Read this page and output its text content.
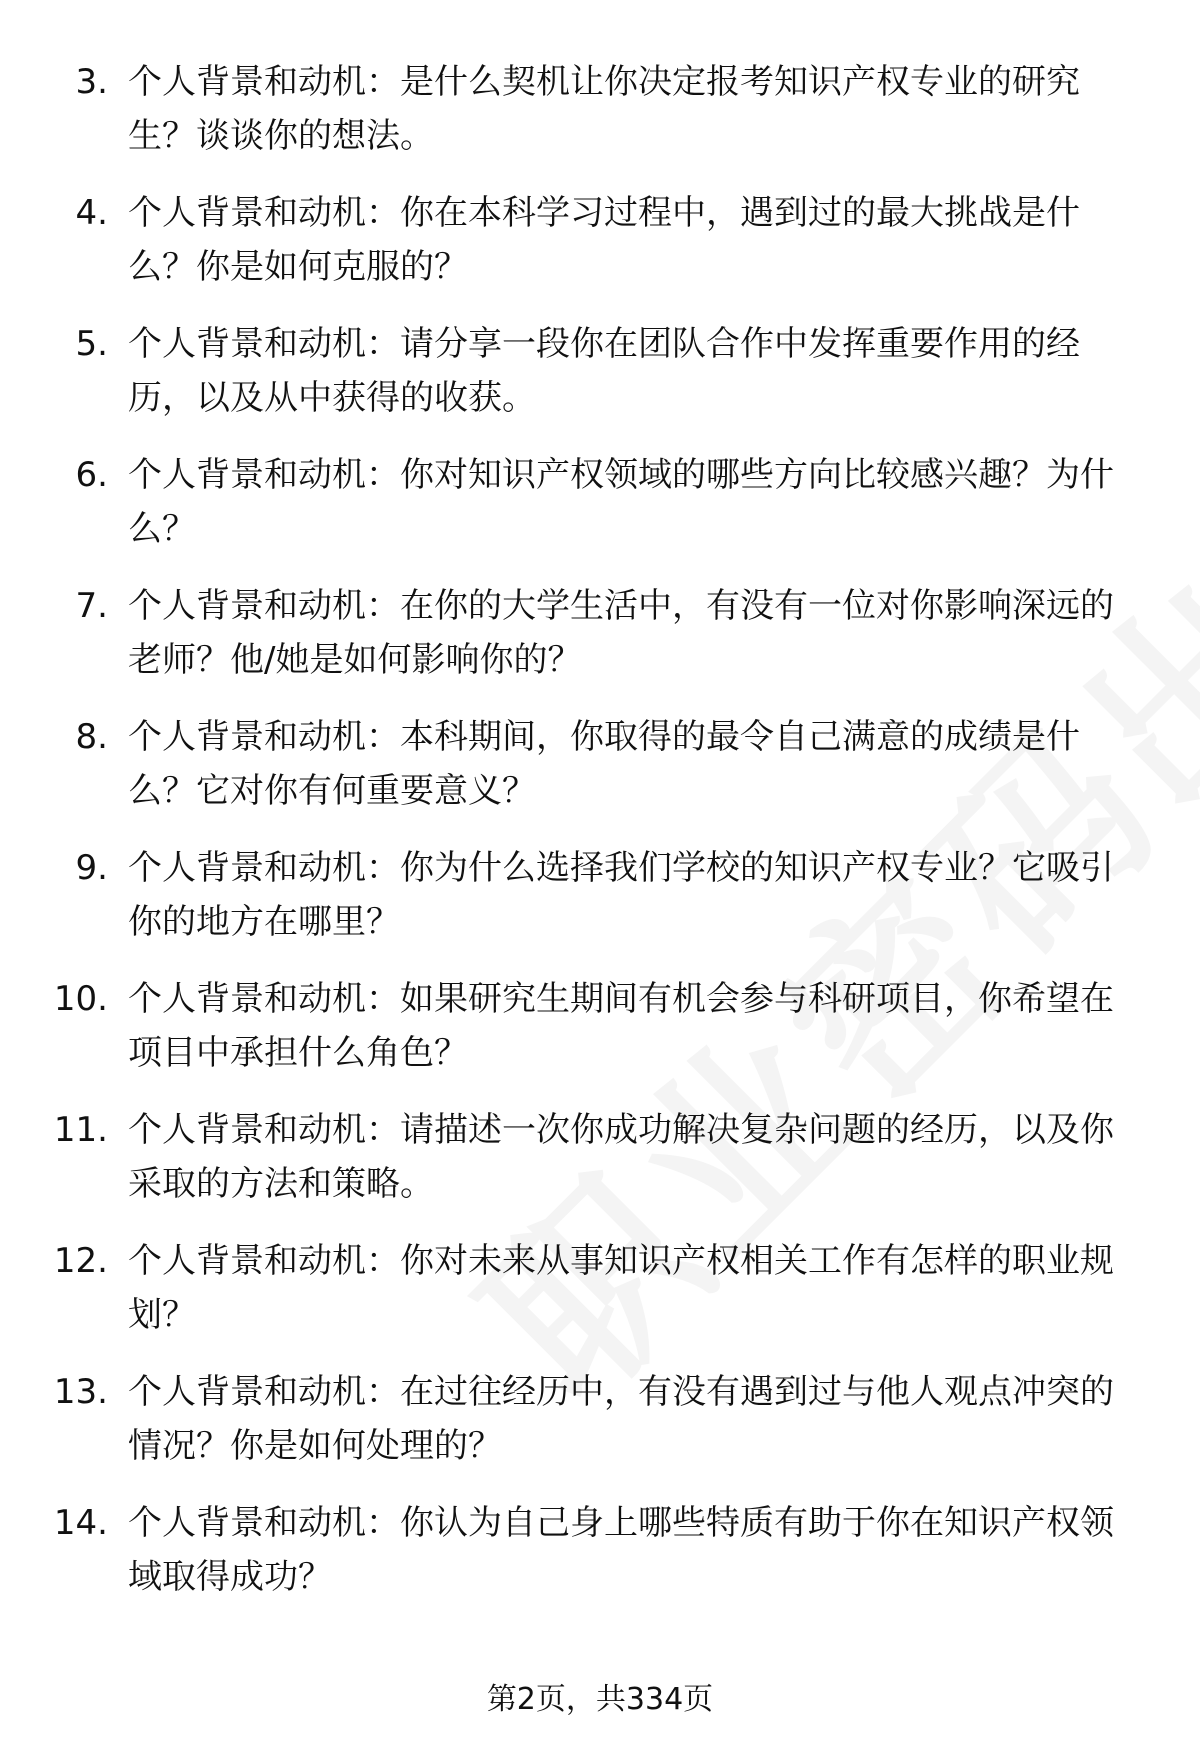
3. 个人背景和动机：是什么契机让你决定报考知识产权专业的研究生？谈谈你的想法。
4. 个人背景和动机：你在本科学习过程中，遇到过的最大挑战是什么？你是如何克服的？
5. 个人背景和动机：请分享一段你在团队合作中发挥重要作用的经历，以及从中获得的收获。
6. 个人背景和动机：你对知识产权领域的哪些方向比较感兴趣？为什么？
7. 个人背景和动机：在你的大学生活中，有没有一位对你影响深远的老师？他/她是如何影响你的？
8. 个人背景和动机：本科期间，你取得的最令自己满意的成绩是什么？它对你有何重要意义？
9. 个人背景和动机：你为什么选择我们学校的知识产权专业？它吸引你的地方在哪里？
10. 个人背景和动机：如果研究生期间有机会参与科研项目，你希望在项目中承担什么角色？
11. 个人背景和动机：请描述一次你成功解决复杂问题的经历，以及你采取的方法和策略。
12. 个人背景和动机：你对未来从事知识产权相关工作有怎样的职业规划？
13. 个人背景和动机：在过往经历中，有没有遇到过与他人观点冲突的情况？你是如何处理的？
14. 个人背景和动机：你认为自己身上哪些特质有助于你在知识产权领域取得成功？
第2页，共334页
